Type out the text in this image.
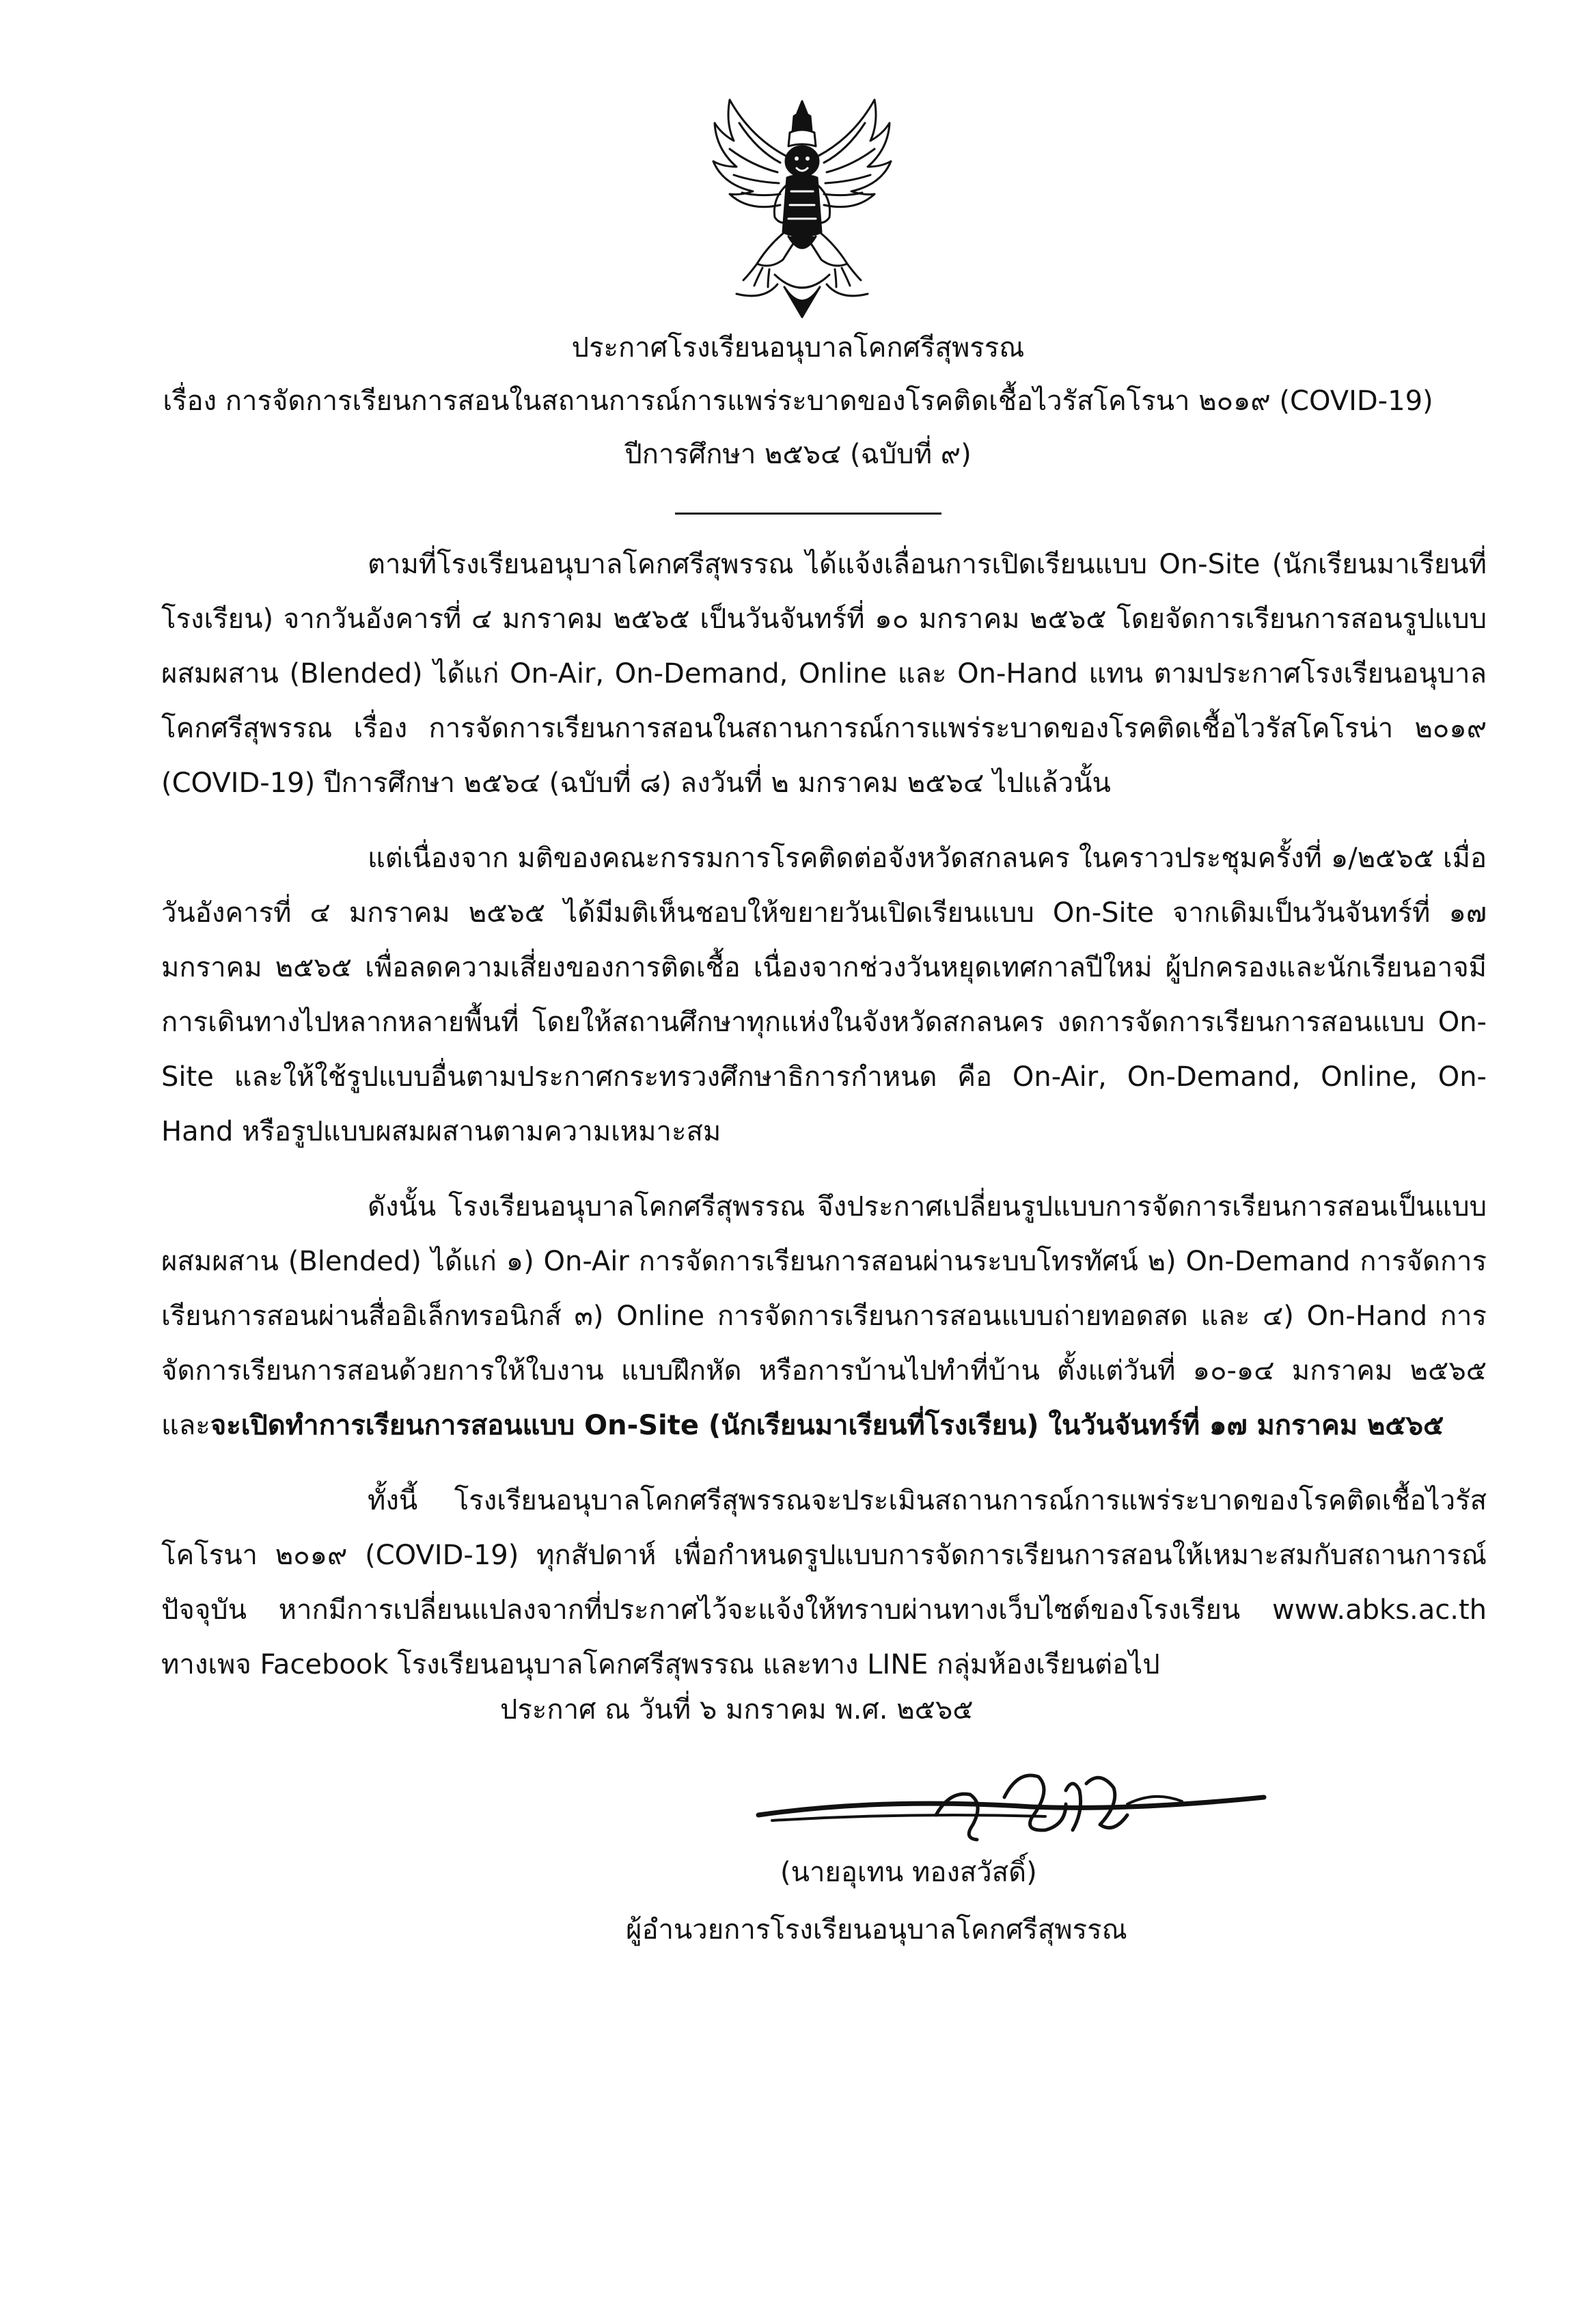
ประกาศโรงเรียนอนุบาลโคกศรีสุพรรณ
เรื่อง การจัดการเรียนการสอนในสถานการณ์การแพร่ระบาดของโรคติดเชื้อไวรัสโคโรนา ๒๐๑๙ (COVID-19)
ปีการศึกษา ๒๕๖๔ (ฉบับที่ ๙)

ตามที่โรงเรียนอนุบาลโคกศรีสุพรรณ ได้แจ้งเลื่อนการเปิดเรียนแบบ On-Site (นักเรียนมาเรียนที่โรงเรียน) จากวันอังคารที่ ๔ มกราคม ๒๕๖๕ เป็นวันจันทร์ที่ ๑๐ มกราคม ๒๕๖๕ โดยจัดการเรียนการสอนรูปแบบผสมผสาน (Blended) ได้แก่ On-Air, On-Demand, Online และ On-Hand แทน ตามประกาศโรงเรียนอนุบาลโคกศรีสุพรรณ เรื่อง การจัดการเรียนการสอนในสถานการณ์การแพร่ระบาดของโรคติดเชื้อไวรัสโคโรน่า ๒๐๑๙ (COVID-19) ปีการศึกษา ๒๕๖๔ (ฉบับที่ ๘) ลงวันที่ ๒ มกราคม ๒๕๖๔ ไปแล้วนั้น

แต่เนื่องจาก มติของคณะกรรมการโรคติดต่อจังหวัดสกลนคร ในคราวประชุมครั้งที่ ๑/๒๕๖๕ เมื่อวันอังคารที่ ๔ มกราคม ๒๕๖๕ ได้มีมติเห็นชอบให้ขยายวันเปิดเรียนแบบ On-Site จากเดิมเป็นวันจันทร์ที่ ๑๗ มกราคม ๒๕๖๕ เพื่อลดความเสี่ยงของการติดเชื้อ เนื่องจากช่วงวันหยุดเทศกาลปีใหม่ ผู้ปกครองและนักเรียนอาจมีการเดินทางไปหลากหลายพื้นที่ โดยให้สถานศึกษาทุกแห่งในจังหวัดสกลนคร งดการจัดการเรียนการสอนแบบ On-Site และให้ใช้รูปแบบอื่นตามประกาศกระทรวงศึกษาธิการกำหนด คือ On-Air, On-Demand, Online, On-Hand หรือรูปแบบผสมผสานตามความเหมาะสม

ดังนั้น โรงเรียนอนุบาลโคกศรีสุพรรณ จึงประกาศเปลี่ยนรูปแบบการจัดการเรียนการสอนเป็นแบบผสมผสาน (Blended) ได้แก่ ๑) On-Air การจัดการเรียนการสอนผ่านระบบโทรทัศน์ ๒) On-Demand การจัดการเรียนการสอนผ่านสื่ออิเล็กทรอนิกส์ ๓) Online การจัดการเรียนการสอนแบบถ่ายทอดสด และ ๔) On-Hand การจัดการเรียนการสอนด้วยการให้ใบงาน แบบฝึกหัด หรือการบ้านไปทำที่บ้าน ตั้งแต่วันที่ ๑๐-๑๔ มกราคม ๒๕๖๕ และจะเปิดทำการเรียนการสอนแบบ On-Site (นักเรียนมาเรียนที่โรงเรียน) ในวันจันทร์ที่ ๑๗ มกราคม ๒๕๖๕

ทั้งนี้ โรงเรียนอนุบาลโคกศรีสุพรรณจะประเมินสถานการณ์การแพร่ระบาดของโรคติดเชื้อไวรัสโคโรนา ๒๐๑๙ (COVID-19) ทุกสัปดาห์ เพื่อกำหนดรูปแบบการจัดการเรียนการสอนให้เหมาะสมกับสถานการณ์ปัจจุบัน หากมีการเปลี่ยนแปลงจากที่ประกาศไว้จะแจ้งให้ทราบผ่านทางเว็บไซต์ของโรงเรียน www.abks.ac.th ทางเพจ Facebook โรงเรียนอนุบาลโคกศรีสุพรรณ และทาง LINE กลุ่มห้องเรียนต่อไป

ประกาศ ณ วันที่ ๖ มกราคม พ.ศ. ๒๕๖๕
(นายอุเทน ทองสวัสดิ์)
ผู้อำนวยการโรงเรียนอนุบาลโคกศรีสุพรรณ
